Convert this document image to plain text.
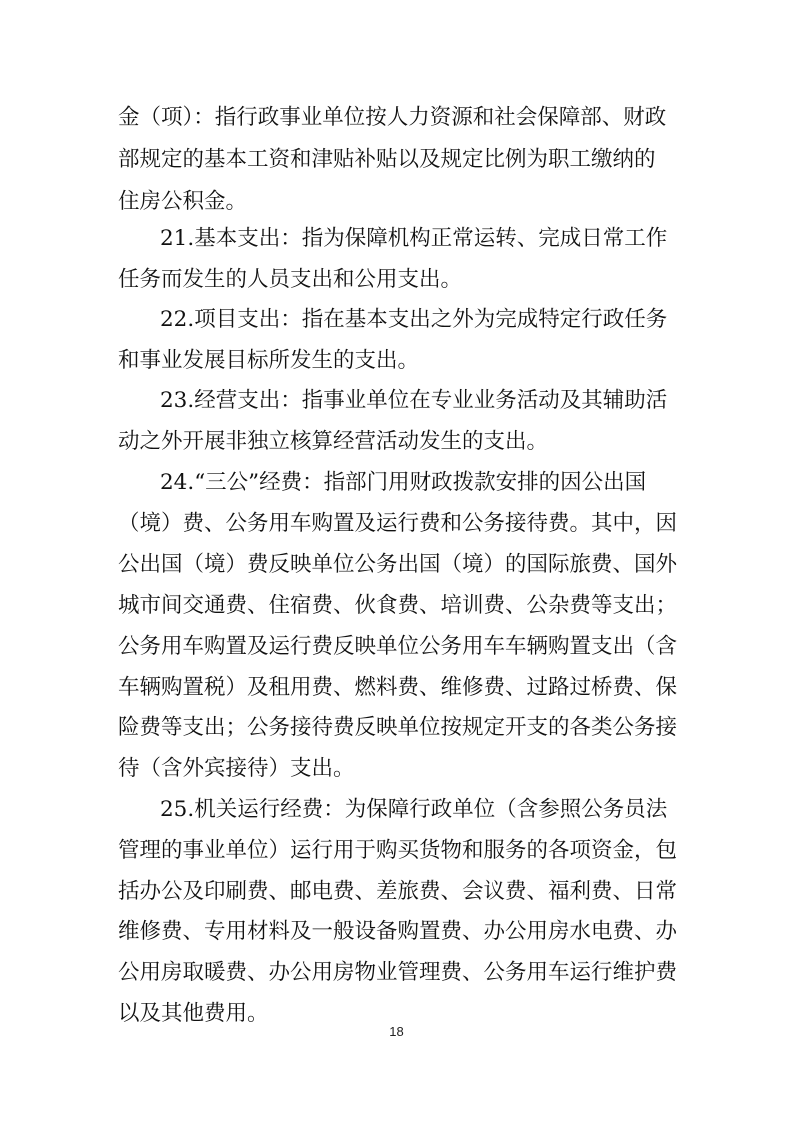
金（项）：指行政事业单位按人力资源和社会保障部、财政
部规定的基本工资和津贴补贴以及规定比例为职工缴纳的
住房公积金。
21.基本支出：指为保障机构正常运转、完成日常工作
任务而发生的人员支出和公用支出。
22.项目支出：指在基本支出之外为完成特定行政任务
和事业发展目标所发生的支出。
23.经营支出：指事业单位在专业业务活动及其辅助活
动之外开展非独立核算经营活动发生的支出。
24.“三公”经费：指部门用财政拨款安排的因公出国
（境）费、公务用车购置及运行费和公务接待费。其中，因
公出国（境）费反映单位公务出国（境）的国际旅费、国外
城市间交通费、住宿费、伙食费、培训费、公杂费等支出；
公务用车购置及运行费反映单位公务用车车辆购置支出（含
车辆购置税）及租用费、燃料费、维修费、过路过桥费、保
险费等支出；公务接待费反映单位按规定开支的各类公务接
待（含外宾接待）支出。
25.机关运行经费：为保障行政单位（含参照公务员法
管理的事业单位）运行用于购买货物和服务的各项资金，包
括办公及印刷费、邮电费、差旅费、会议费、福利费、日常
维修费、专用材料及一般设备购置费、办公用房水电费、办
公用房取暖费、办公用房物业管理费、公务用车运行维护费
以及其他费用。
18
